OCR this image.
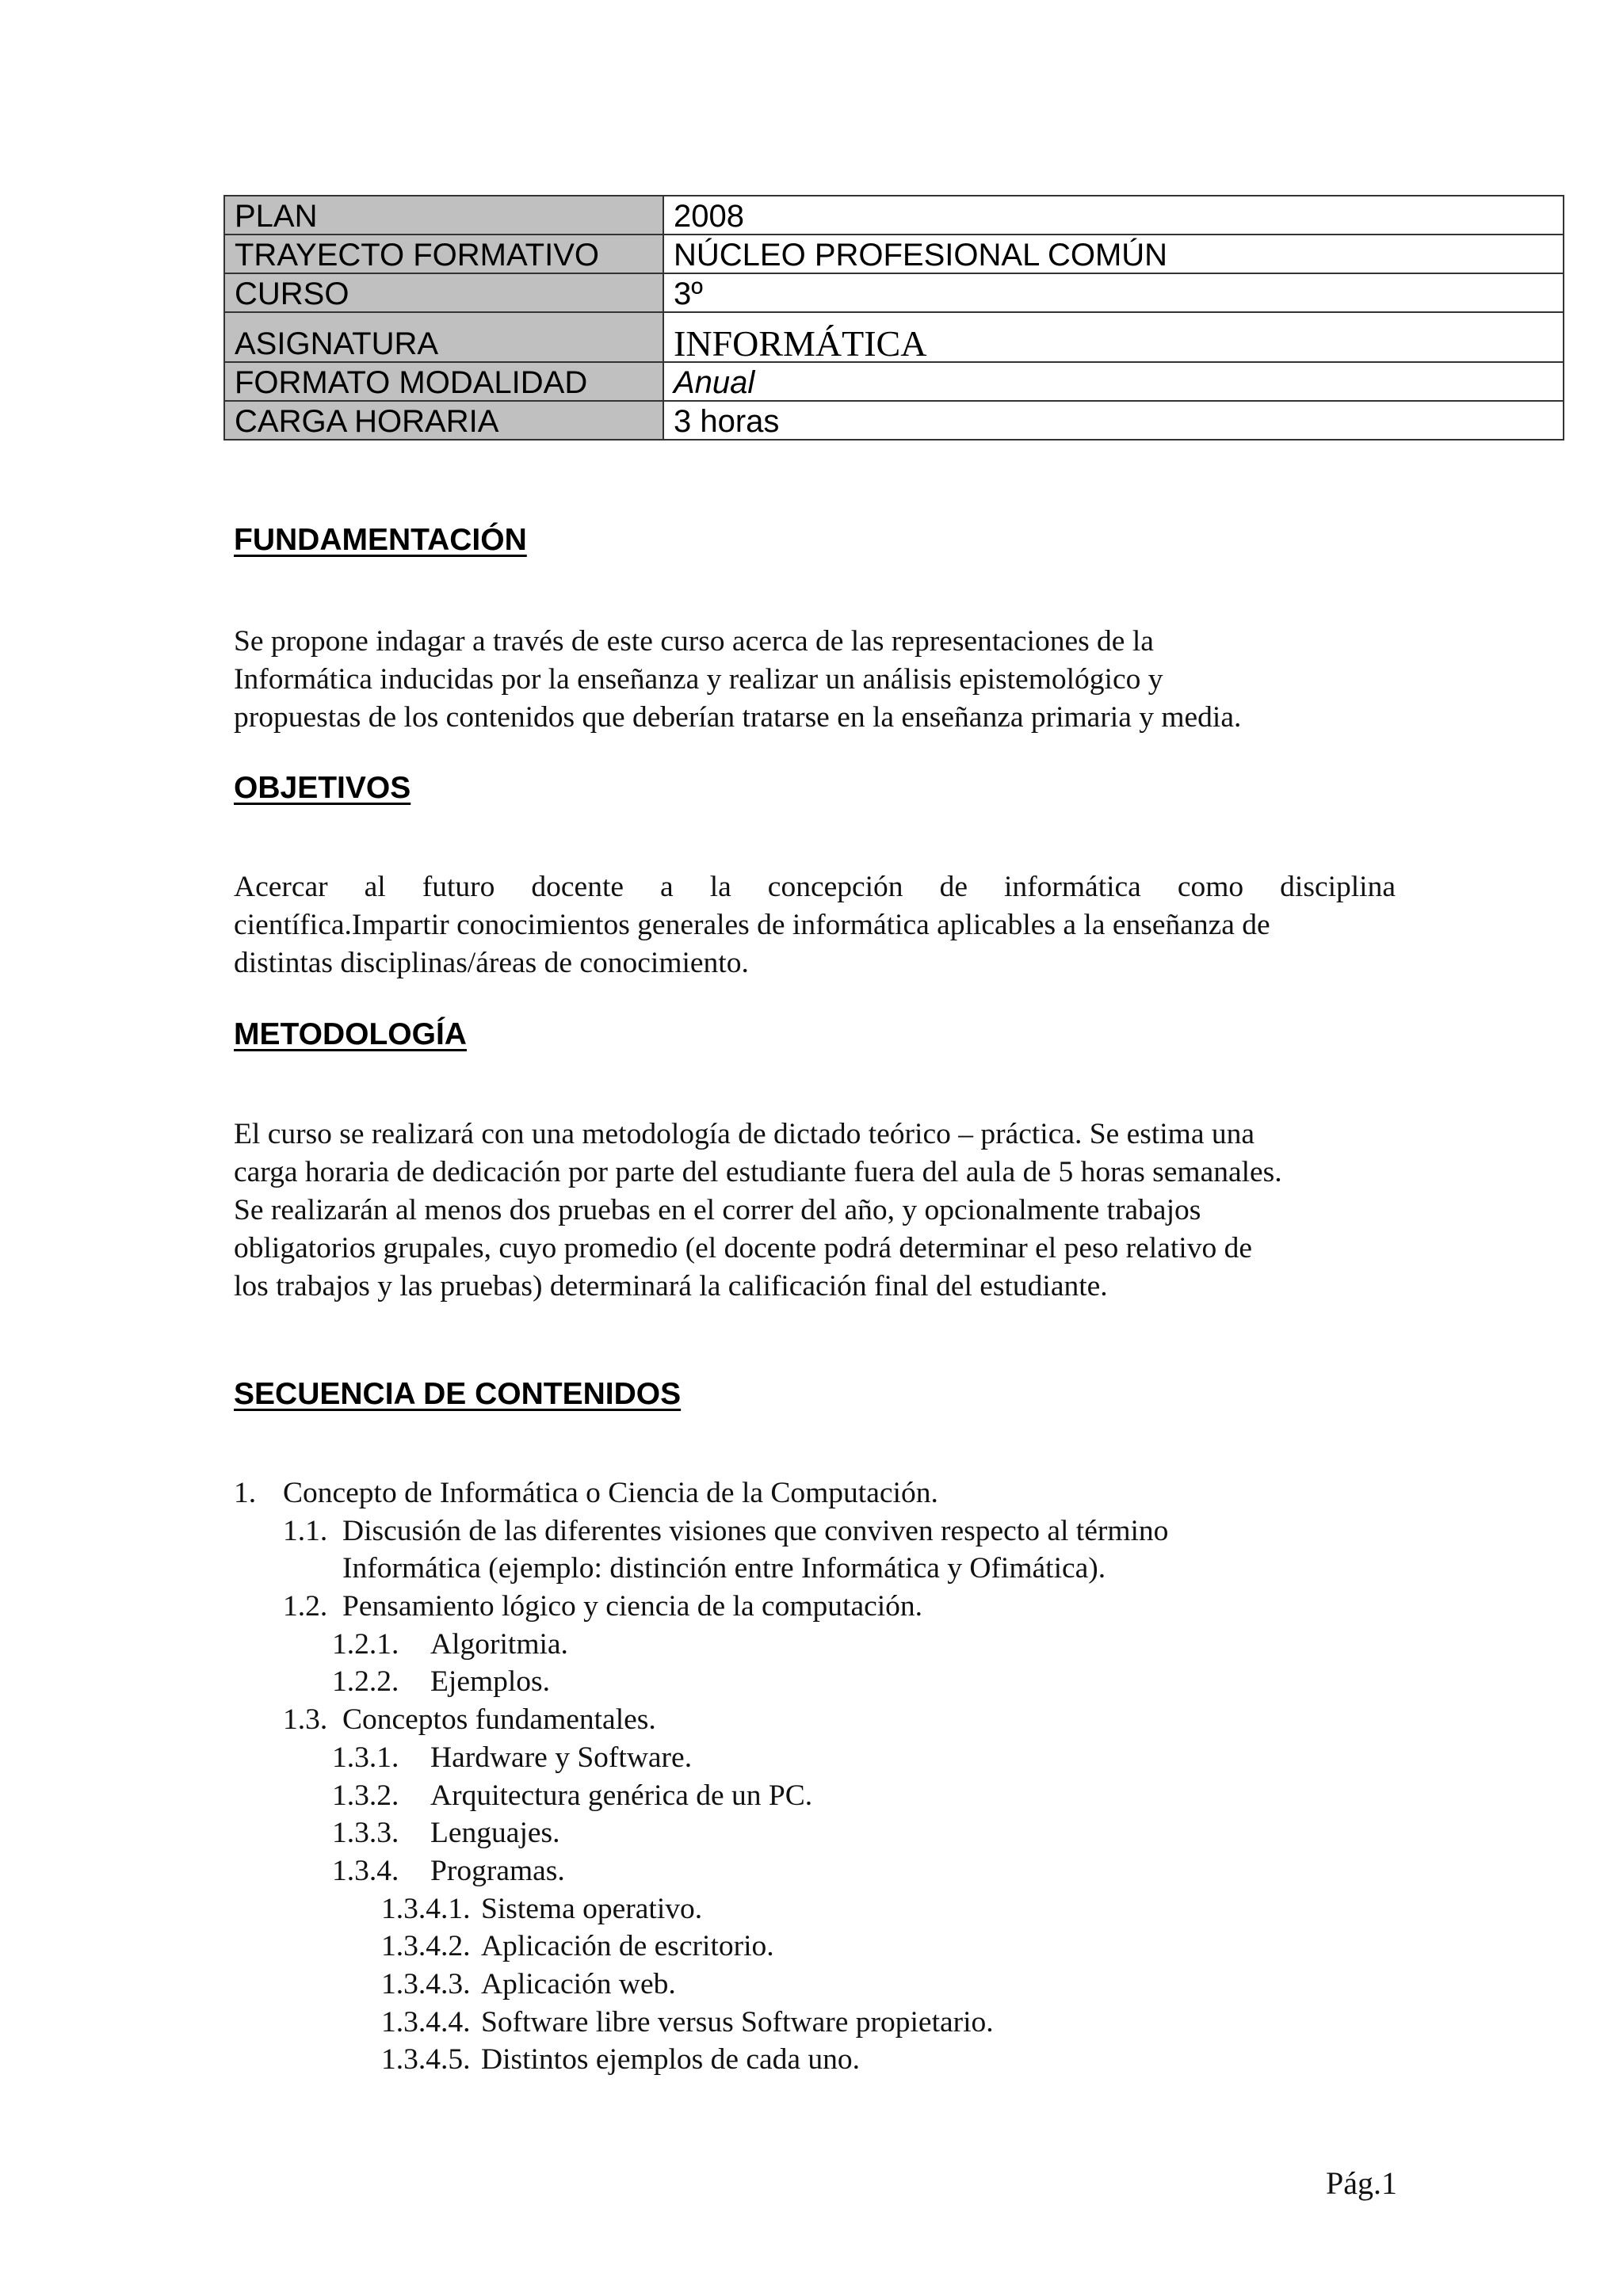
PLAN	2008
TRAYECTO FORMATIVO	NÚCLEO PROFESIONAL COMÚN
CURSO	3º
ASIGNATURA	INFORMÁTICA
FORMATO MODALIDAD	Anual
CARGA HORARIA	3 horas
FUNDAMENTACIÓN

Se propone indagar a través de este curso acerca de las representaciones de la
Informática inducidas por la enseñanza y realizar un análisis epistemológico y
propuestas de los contenidos que deberían tratarse en la enseñanza primaria y media.

OBJETIVOS

Acercar al futuro docente a la concepción de informática como disciplina
científica.Impartir conocimientos generales de informática aplicables a la enseñanza de
distintas disciplinas/áreas de conocimiento.

METODOLOGÍA

El curso se realizará con una metodología de dictado teórico – práctica. Se estima una
carga horaria de dedicación por parte del estudiante fuera del aula de 5 horas semanales.
Se realizarán al menos dos pruebas en el correr del año, y opcionalmente trabajos
obligatorios grupales, cuyo promedio (el docente podrá determinar el peso relativo de
los trabajos y las pruebas) determinará la calificación final del estudiante.

SECUENCIA DE CONTENIDOS
1. Concepto de Informática o Ciencia de la Computación.
1.1. Discusión de las diferentes visiones que conviven respecto al término
Informática (ejemplo: distinción entre Informática y Ofimática).
1.2. Pensamiento lógico y ciencia de la computación.
1.2.1. Algoritmia.
1.2.2. Ejemplos.
1.3. Conceptos fundamentales.
1.3.1. Hardware y Software.
1.3.2. Arquitectura genérica de un PC.
1.3.3. Lenguajes.
1.3.4. Programas.
1.3.4.1. Sistema operativo.
1.3.4.2. Aplicación de escritorio.
1.3.4.3. Aplicación web.
1.3.4.4. Software libre versus Software propietario.
1.3.4.5. Distintos ejemplos de cada uno.

Pág.1
